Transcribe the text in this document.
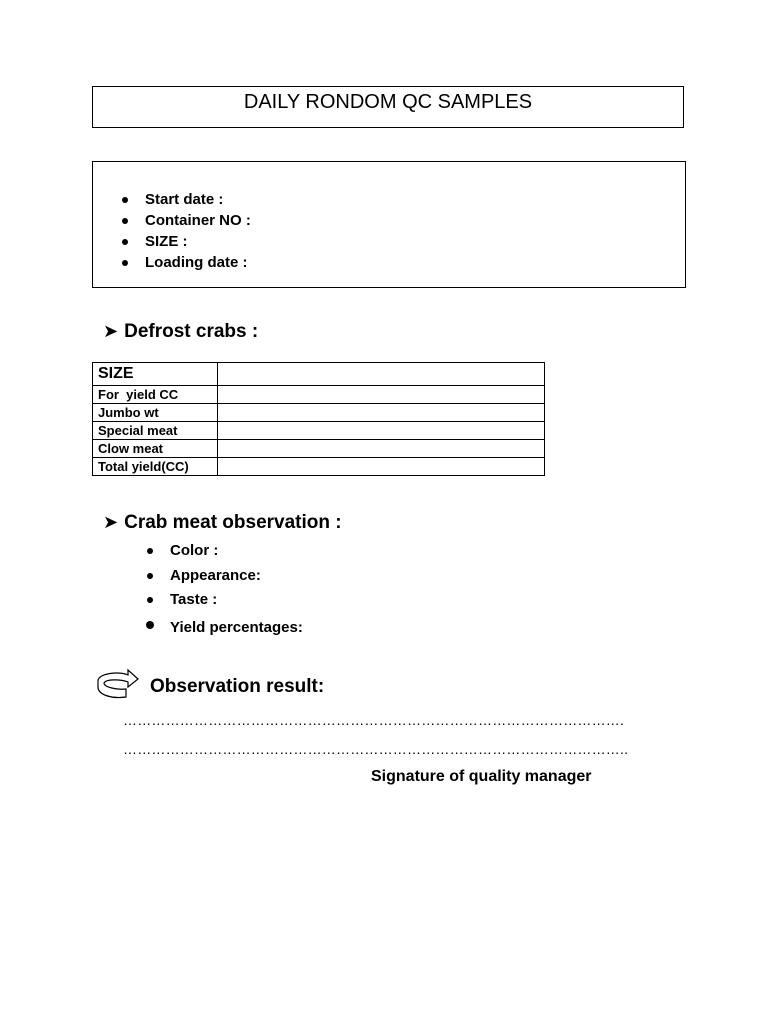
DAILY RONDOM QC SAMPLES
Start date :
Container NO :
SIZE :
Loading date :
➤ Defrost crabs :
SIZE	
For  yield CC	
Jumbo wt	
Special meat	
Clow meat	
Total yield(CC)	
➤ Crab meat observation :
Color :
Appearance:
Taste :
Yield percentages:
Observation result:
…………………………………………………………………………………………….
……………………………………………………………………………………………..
Signature of quality manager
